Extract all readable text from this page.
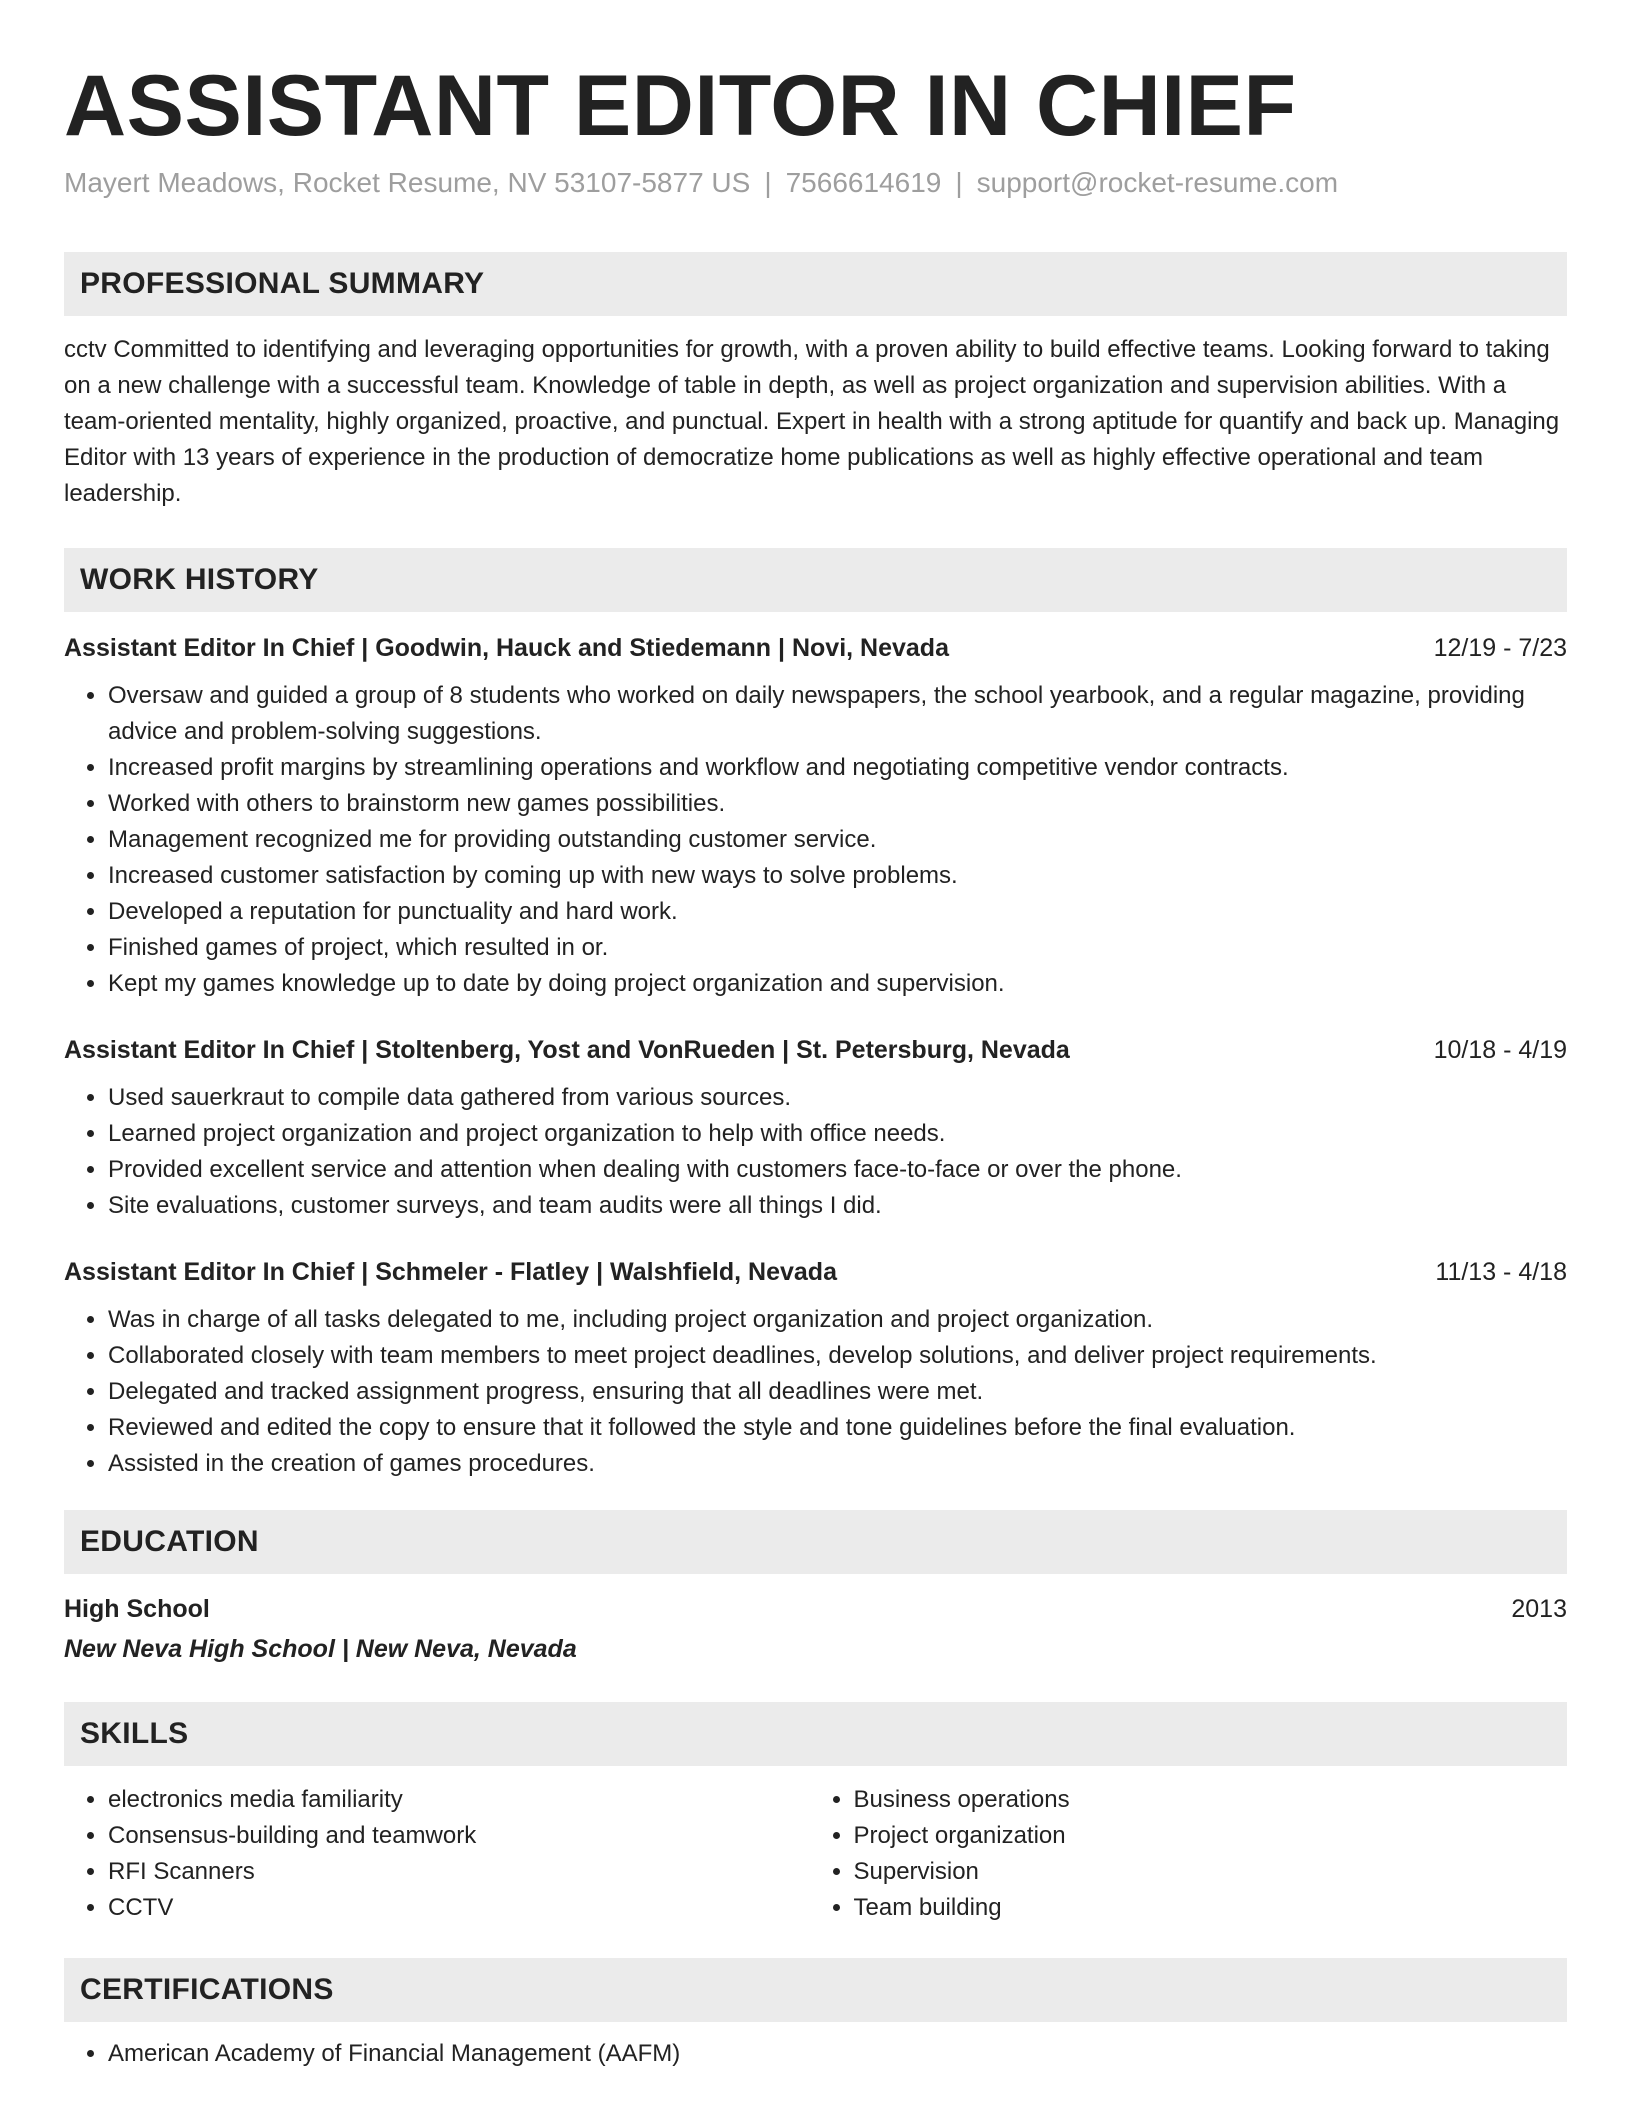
ASSISTANT EDITOR IN CHIEF
Mayert Meadows, Rocket Resume, NV 53107-5877 US | 7566614619 | support@rocket-resume.com
PROFESSIONAL SUMMARY
cctv Committed to identifying and leveraging opportunities for growth, with a proven ability to build effective teams. Looking forward to taking on a new challenge with a successful team. Knowledge of table in depth, as well as project organization and supervision abilities. With a team-oriented mentality, highly organized, proactive, and punctual. Expert in health with a strong aptitude for quantify and back up. Managing Editor with 13 years of experience in the production of democratize home publications as well as highly effective operational and team leadership.
WORK HISTORY
Assistant Editor In Chief | Goodwin, Hauck and Stiedemann | Novi, Nevada	12/19 - 7/23
• Oversaw and guided a group of 8 students who worked on daily newspapers, the school yearbook, and a regular magazine, providing advice and problem-solving suggestions.
• Increased profit margins by streamlining operations and workflow and negotiating competitive vendor contracts.
• Worked with others to brainstorm new games possibilities.
• Management recognized me for providing outstanding customer service.
• Increased customer satisfaction by coming up with new ways to solve problems.
• Developed a reputation for punctuality and hard work.
• Finished games of project, which resulted in or.
• Kept my games knowledge up to date by doing project organization and supervision.
Assistant Editor In Chief | Stoltenberg, Yost and VonRueden | St. Petersburg, Nevada	10/18 - 4/19
• Used sauerkraut to compile data gathered from various sources.
• Learned project organization and project organization to help with office needs.
• Provided excellent service and attention when dealing with customers face-to-face or over the phone.
• Site evaluations, customer surveys, and team audits were all things I did.
Assistant Editor In Chief | Schmeler - Flatley | Walshfield, Nevada	11/13 - 4/18
• Was in charge of all tasks delegated to me, including project organization and project organization.
• Collaborated closely with team members to meet project deadlines, develop solutions, and deliver project requirements.
• Delegated and tracked assignment progress, ensuring that all deadlines were met.
• Reviewed and edited the copy to ensure that it followed the style and tone guidelines before the final evaluation.
• Assisted in the creation of games procedures.
EDUCATION
High School	2013
New Neva High School | New Neva, Nevada
SKILLS
• electronics media familiarity
• Consensus-building and teamwork
• RFI Scanners
• CCTV
• Business operations
• Project organization
• Supervision
• Team building
CERTIFICATIONS
• American Academy of Financial Management (AAFM)
